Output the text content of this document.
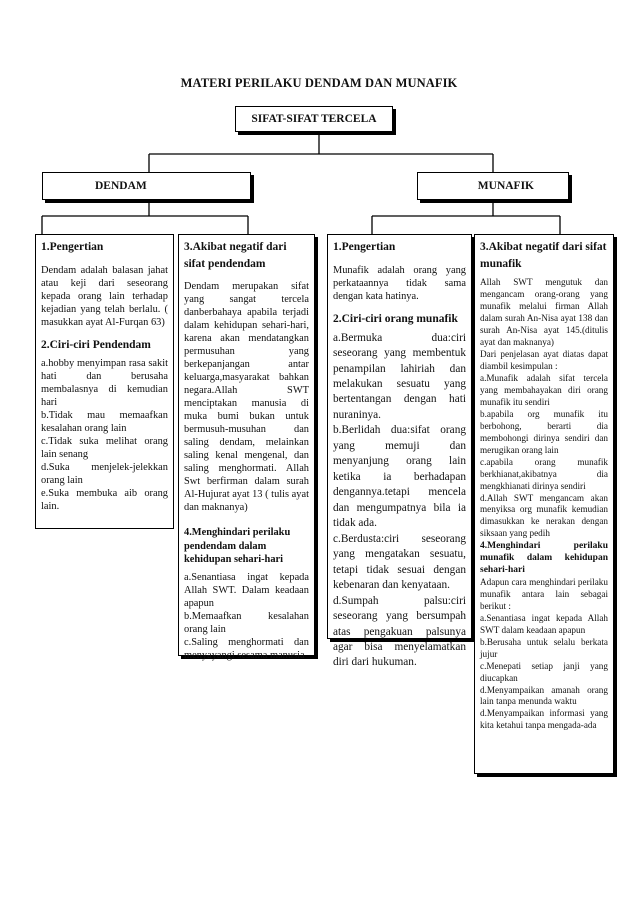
MATERI PERILAKU DENDAM DAN MUNAFIK
SIFAT-SIFAT TERCELA
DENDAM	MUNAFIK
1.Pengertian

Dendam adalah balasan jahat atau keji dari seseorang kepada orang lain terhadap kejadian yang telah berlalu. ( masukkan ayat Al-Furqan 63)

2.Ciri-ciri Pendendam

a.hobby menyimpan rasa sakit hati dan berusaha membalasnya di kemudian hari

b.Tidak mau memaafkan kesalahan orang lain

c.Tidak suka melihat orang lain senang

d.Suka menjelek-jelekkan orang lain

e.Suka membuka aib orang lain.

3.Akibat negatif dari sifat pendendam

Dendam merupakan sifat yang sangat tercela danberbahaya apabila terjadi dalam kehidupan sehari-hari, karena akan mendatangkan permusuhan yang berkepanjangan antar keluarga,masyarakat bahkan negara.Allah SWT menciptakan manusia di muka bumi bukan untuk bermusuh-musuhan dan saling dendam, melainkan saling kenal mengenal, dan saling menghormati. Allah Swt berfirman dalam surah Al-Hujurat ayat 13 ( tulis ayat dan maknanya)

4.Menghindari perilaku pendendam dalam kehidupan sehari-hari

a.Senantiasa ingat kepada Allah SWT. Dalam keadaan apapun

b.Memaafkan kesalahan orang lain

c.Saling menghormati dan menyayangi sesama manusia

1.Pengertian

Munafik adalah orang yang perkataannya tidak sama dengan kata hatinya.

2.Ciri-ciri orang munafik

a.Bermuka dua:ciri seseorang yang membentuk penampilan lahiriah dan melakukan sesuatu yang bertentangan dengan hati nuraninya.

b.Berlidah dua:sifat orang yang memuji dan menyanjung orang lain ketika ia berhadapan dengannya.tetapi mencela dan mengumpatnya bila ia tidak ada.

c.Berdusta:ciri seseorang yang mengatakan sesuatu, tetapi tidak sesuai dengan kebenaran dan kenyataan.

d.Sumpah palsu:ciri seseorang yang bersumpah atas pengakuan palsunya agar bisa menyelamatkan diri dari hukuman.

3.Akibat negatif dari sifat munafik

Allah SWT mengutuk dan mengancam orang-orang yang munafik melalui firman Allah dalam surah An-Nisa ayat 138 dan surah An-Nisa ayat 145.(ditulis ayat dan maknanya)

Dari penjelasan ayat diatas dapat diambil kesimpulan :

a.Munafik adalah sifat tercela yang membahayakan diri orang munafik itu sendiri

b.apabila org munafik itu berbohong, berarti dia membohongi dirinya sendiri dan merugikan orang lain

c.apabila orang munafik berkhianat,akibatnya dia mengkhianati dirinya sendiri

d.Allah SWT mengancam akan menyiksa org munafik kemudian dimasukkan ke nerakan dengan siksaan yang pedih

4.Menghindari perilaku munafik dalam kehidupan sehari-hari

Adapun cara menghindari perilaku munafik antara lain sebagai berikut :

a.Senantiasa ingat kepada Allah SWT dalam keadaan apapun

b.Berusaha untuk selalu berkata jujur

c.Menepati setiap janji yang diucapkan

d.Menyampaikan amanah orang lain tanpa menunda waktu

d.Menyampaikan informasi yang kita ketahui tanpa mengada-ada
